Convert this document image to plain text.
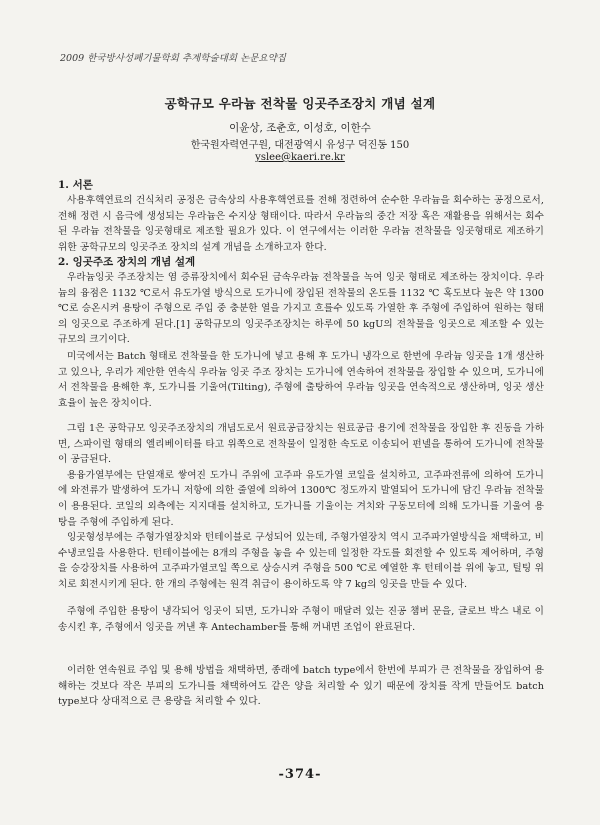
2009 한국방사성폐기물학회 추계학술대회 논문요약집
공학규모 우라늄 전착물 잉곳주조장치 개념 설계
이윤상, 조춘호, 이성호, 이한수
한국원자력연구원, 대전광역시 유성구 덕진동 150
yslee@kaeri.re.kr
1. 서론

사용후핵연료의 건식처리 공정은 금속상의 사용후핵연료를 전해 정련하여 순수한 우라늄을 회수하는 공정으로서, 전해 정련 시 음극에 생성되는 우라늄은 수지상 형태이다. 따라서 우라늄의 중간 저장 혹은 재활용을 위해서는 회수된 우라늄 전착물을 잉곳형태로 제조할 필요가 있다. 이 연구에서는 이러한 우라늄 전착물을 잉곳형태로 제조하기 위한 공학규모의 잉곳주조 장치의 설계 개념을 소개하고자 한다.

2. 잉곳주조 장치의 개념 설계

우라늄잉곳 주조장치는 염 증류장치에서 회수된 금속우라늄 전착물을 녹여 잉곳 형태로 제조하는 장치이다. 우라늄의 융점은 1132 ℃로서 유도가열 방식으로 도가니에 장입된 전착물의 온도를 1132 ℃ 혹도보다 높은 약 1300 ℃로 승온시켜 용탕이 주형으로 주입 중 충분한 열을 가지고 흐를수 있도록 가열한 후 주형에 주입하여 원하는 형태의 잉곳으로 주조하게 된다.[1] 공학규모의 잉곳주조장치는 하루에 50 kgU의 전착물을 잉곳으로 제조할 수 있는 규모의 크기이다.

미국에서는 Batch 형태로 전착물을 한 도가니에 넣고 용해 후 도가니 냉각으로 한번에 우라늄 잉곳을 1개 생산하고 있으나, 우리가 제안한 연속식 우라늄 잉곳 주조 장치는 도가니에 연속하여 전착물을 장입할 수 있으며, 도가니에서 전착물을 용해한 후, 도가니를 기울여(Tilting), 주형에 출탕하여 우라늄 잉곳을 연속적으로 생산하며, 잉곳 생산 효율이 높은 장치이다.

그림 1은 공학규모 잉곳주조장치의 개념도로서 원료공급장치는 원료공급 용기에 전착물을 장입한 후 진동을 가하면, 스파이럴 형태의 엘리베이터를 타고 위쪽으로 전착물이 일정한 속도로 이송되어 펀넬을 통하여 도가니에 전착물이 공급된다.

용융가열부에는 단열재로 쌓여진 도가니 주위에 고주파 유도가열 코일을 설치하고, 고주파전류에 의하여 도가니에 와전류가 발생하여 도가니 저항에 의한 줄열에 의하여 1300℃ 정도까지 발열되어 도가니에 담긴 우라늄 전착물이 용용된다. 코일의 외측에는 지지대를 설치하고, 도가니를 기울이는 겨치와 구동모터에 의해 도가니를 기울여 용탕을 주형에 주입하게 된다.

잉곳형성부에는 주형가열장치와 턴테이블로 구성되어 있는데, 주형가열장치 역시 고주파가열방식을 채택하고, 비수냉코일을 사용한다. 턴테이블에는 8개의 주형을 놓을 수 있는데 일정한 각도를 회전할 수 있도록 제어하며, 주형을 승강장치를 사용하여 고주파가열코일 쪽으로 상승시켜 주형을 500 ℃로 예열한 후 턴테이블 위에 놓고, 틸팅 위치로 회전시키게 된다. 한 개의 주형에는 원격 취급이 용이하도록 약 7 kg의 잉곳을 만들 수 있다.

주형에 주입한 용탕이 냉각되어 잉곳이 되면, 도가니와 주형이 매달려 있는 진공 챔버 문을, 글로브 박스 내로 이송시킨 후, 주형에서 잉곳을 꺼낸 후 Antechamber를 통해 꺼내면 조업이 완료된다.

이러한 연속원료 주입 및 용해 방법을 채택하면, 종래에 batch type에서 한번에 부피가 큰 전착물을 장입하여 용해하는 것보다 작은 부피의 도가니를 채택하여도 같은 양을 처리할 수 있기 때문에 장치를 작게 만들어도 batch type보다 상대적으로 큰 용량을 처리할 수 있다.

-374-
